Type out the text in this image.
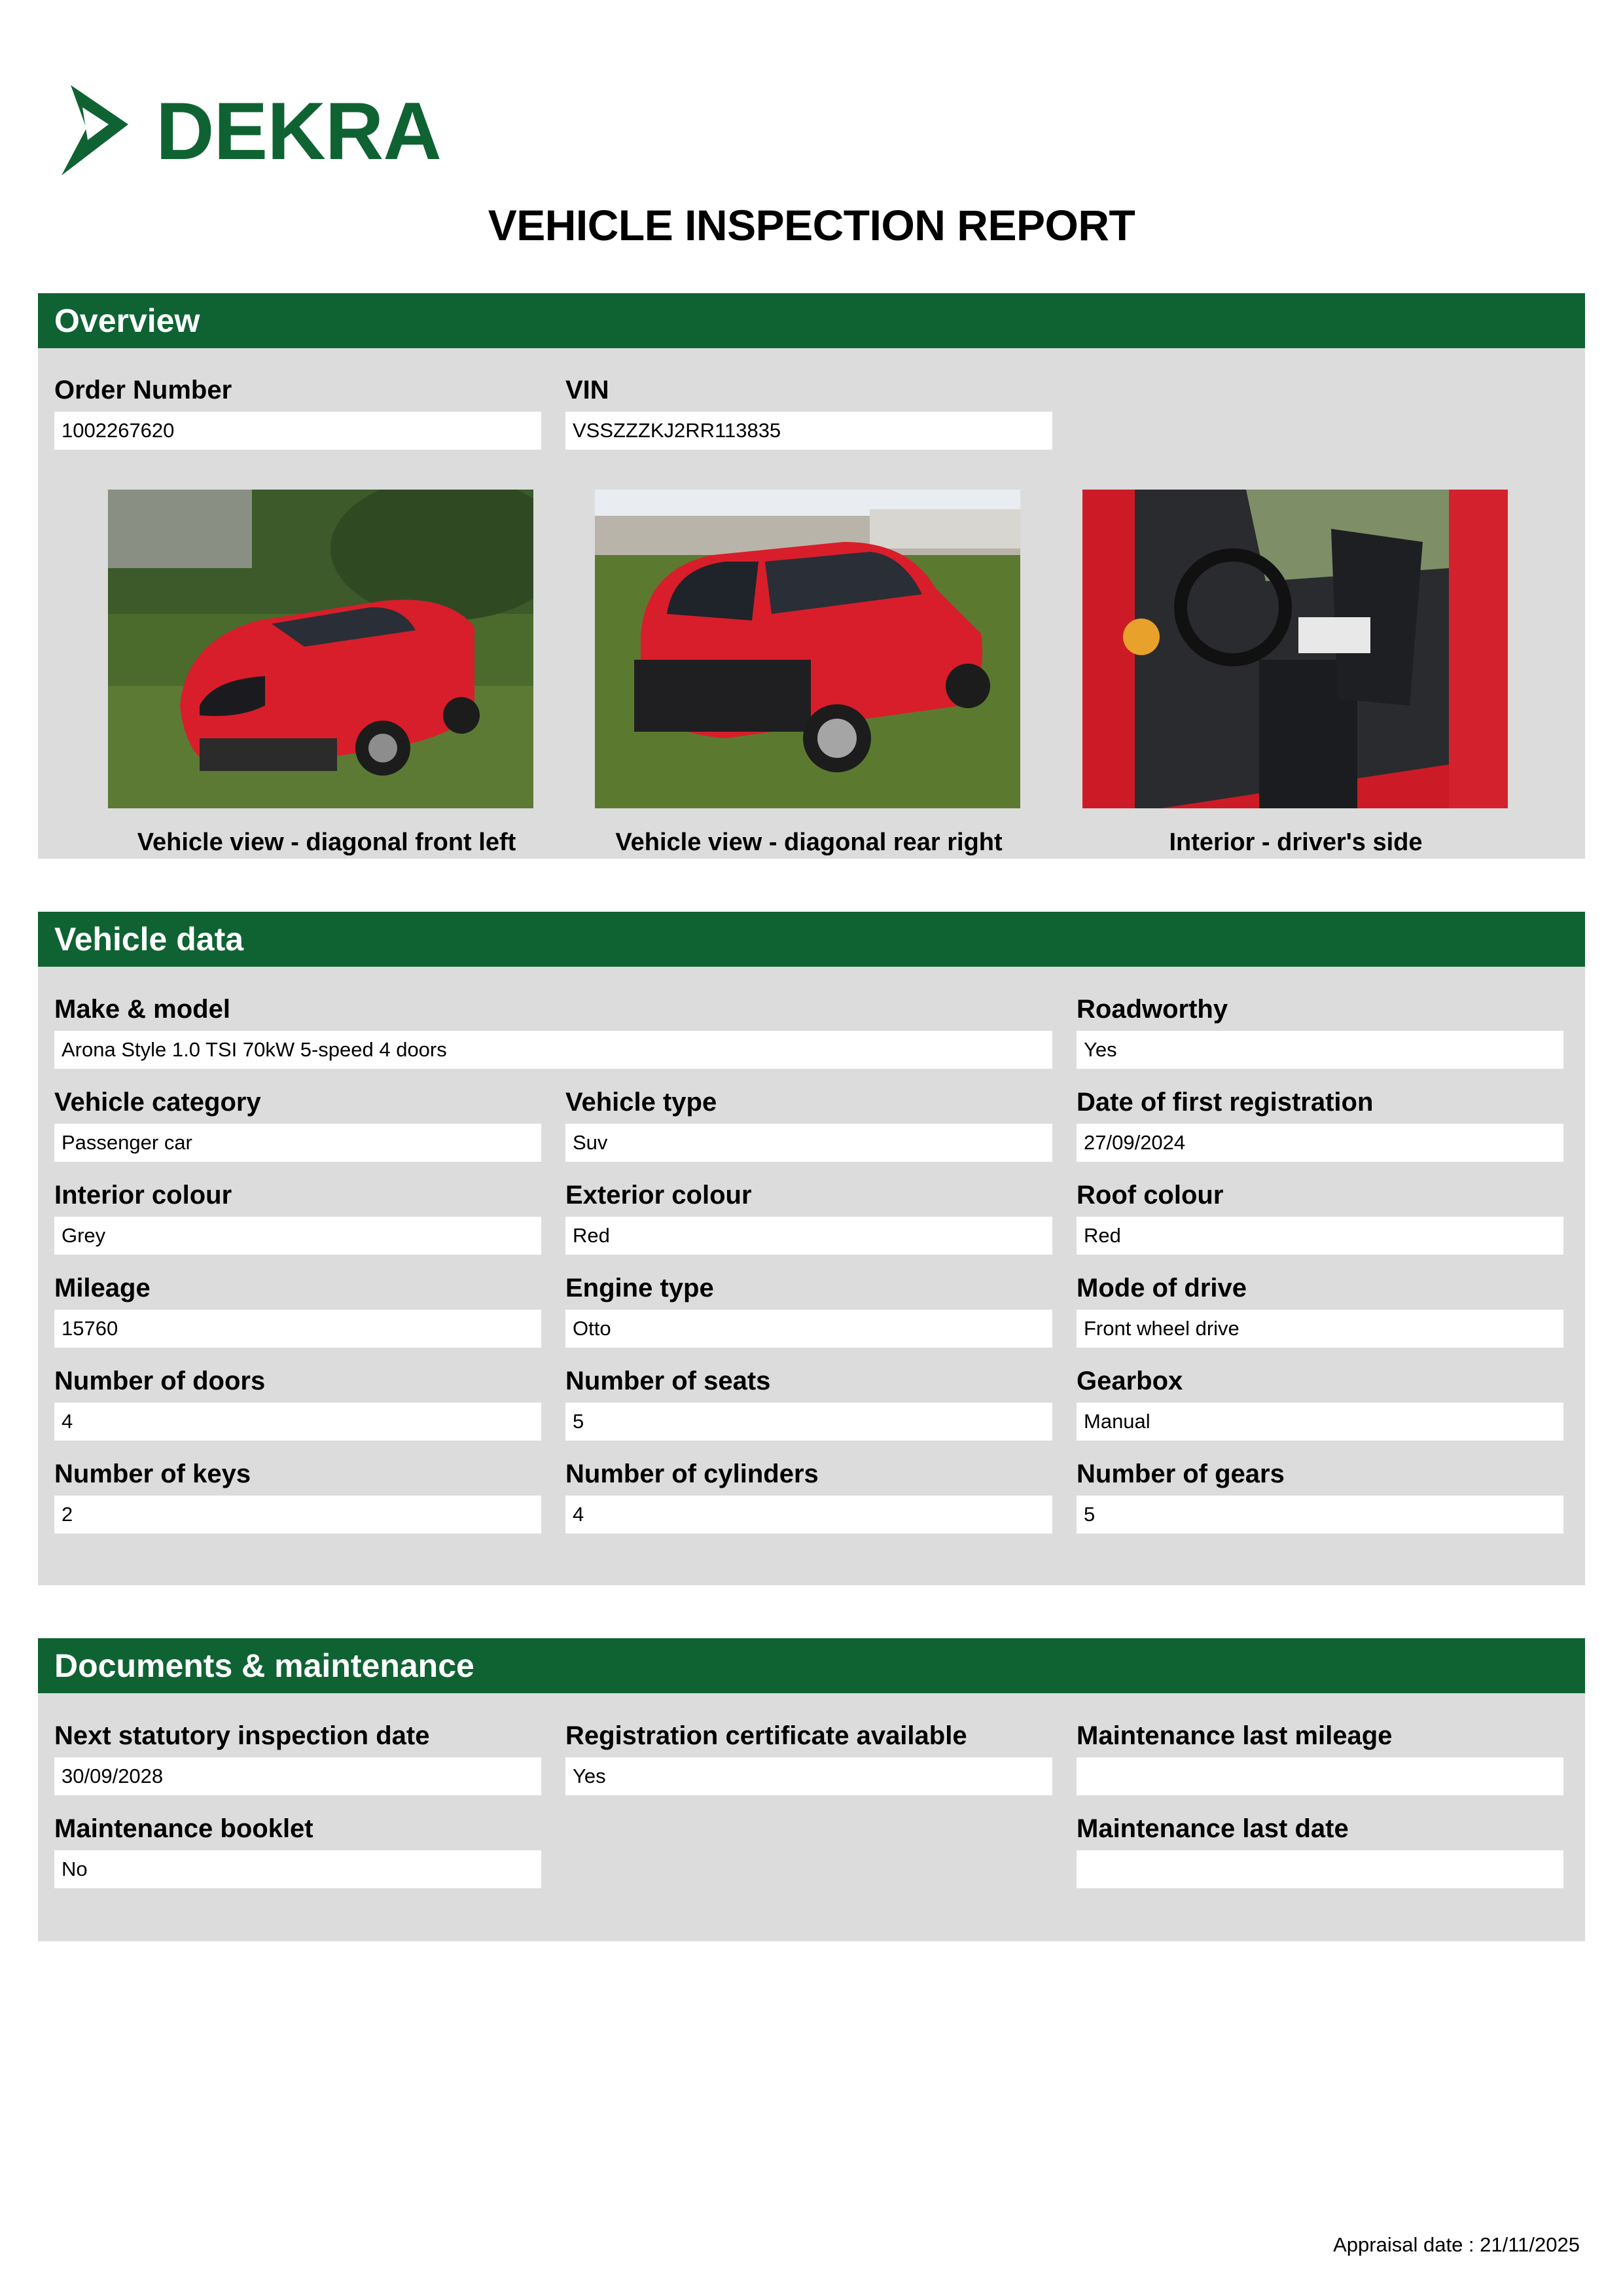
DEKRA
VEHICLE INSPECTION REPORT
Overview
Order Number
1002267620
VIN
VSSZZZKJ2RR113835
Vehicle view - diagonal front left	Vehicle view - diagonal rear right	Interior - driver's side
Vehicle data
Make & model
Arona Style 1.0 TSI 70kW 5-speed 4 doors
Roadworthy
Yes
Vehicle category
Passenger car
Vehicle type
Suv
Date of first registration
27/09/2024
Interior colour
Grey
Exterior colour
Red
Roof colour
Red
Mileage
15760
Engine type
Otto
Mode of drive
Front wheel drive
Number of doors
4
Number of seats
5
Gearbox
Manual
Number of keys
2
Number of cylinders
4
Number of gears
5
Documents & maintenance
Next statutory inspection date
30/09/2028
Registration certificate available
Yes
Maintenance last mileage
Maintenance booklet
No
Maintenance last date
Appraisal date : 21/11/2025
